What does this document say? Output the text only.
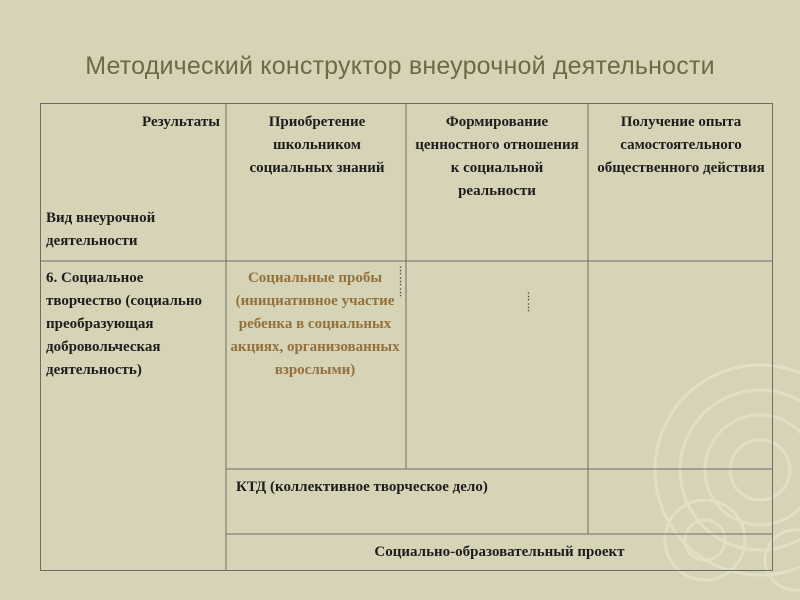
Методический конструктор внеурочной деятельности
Результаты
Вид внеурочной деятельности
Приобретение школьником социальных знаний
Формирование ценностного отношения к социальной реальности
Получение опыта самостоятельного общественного действия
6. Социальное творчество (социально преобразующая добровольческая деятельность)
Социальные пробы (инициативное участие ребенка в социальных акциях, организованных взрослыми)
⋮
⋮
⋮	⋮
⋮
КТД (коллективное творческое дело)
Социально-образовательный проект
